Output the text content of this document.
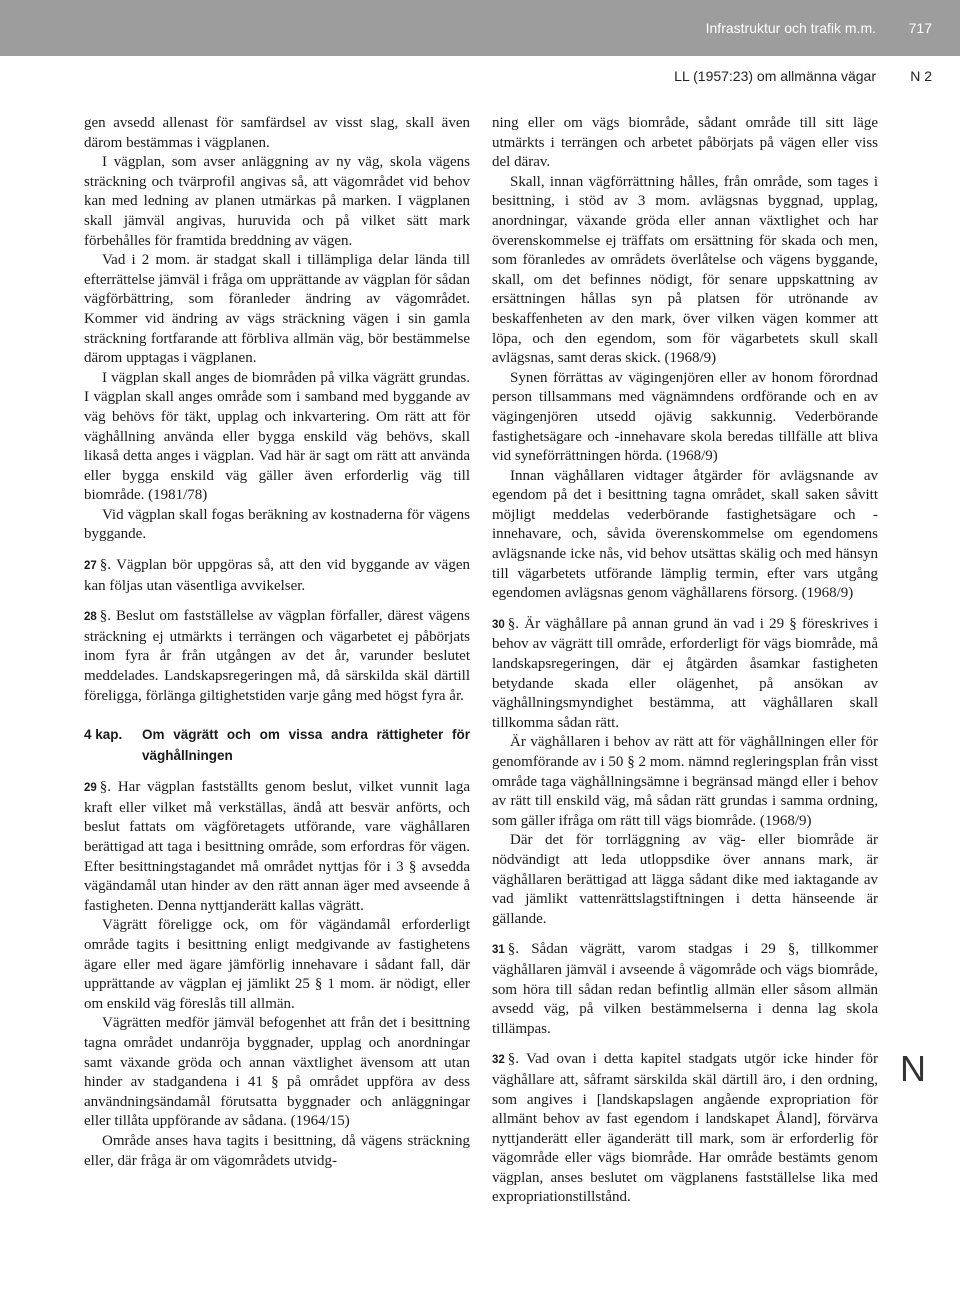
Infrastruktur och trafik m.m. 717
LL (1957:23) om allmänna vägar N 2

gen avsedd allenast för samfärdsel av visst slag, skall även därom bestämmas i vägplanen.

I vägplan, som avser anläggning av ny väg, skola vägens sträckning och tvärprofil angivas så, att vägområdet vid behov kan med ledning av planen utmärkas på marken. I vägplanen skall jämväl angivas, huruvida och på vilket sätt mark förbehålles för framtida breddning av vägen.

Vad i 2 mom. är stadgat skall i tillämpliga delar lända till efterrättelse jämväl i fråga om upprättande av vägplan för sådan vägförbättring, som föranleder ändring av vägområdet. Kommer vid ändring av vägs sträckning vägen i sin gamla sträckning fortfarande att förbliva allmän väg, bör bestämmelse därom upptagas i vägplanen.

I vägplan skall anges de biområden på vilka vägrätt grundas. I vägplan skall anges område som i samband med byggande av väg behövs för täkt, upplag och inkvartering. Om rätt att för väghållning använda eller bygga enskild väg behövs, skall likaså detta anges i vägplan. Vad här är sagt om rätt att använda eller bygga enskild väg gäller även erforderlig väg till biområde. (1981/78)

Vid vägplan skall fogas beräkning av kostnaderna för vägens byggande.

27 §. Vägplan bör uppgöras så, att den vid byggande av vägen kan följas utan väsentliga avvikelser.

28 §. Beslut om fastställelse av vägplan förfaller, därest vägens sträckning ej utmärkts i terrängen och vägarbetet ej påbörjats inom fyra år från utgången av det år, varunder beslutet meddelades. Landskapsregeringen må, då särskilda skäl därtill föreligga, förlänga giltighetstiden varje gång med högst fyra år.

4 kap.	Om vägrätt och om vissa andra rättigheter för väghållningen

29 §. Har vägplan fastställts genom beslut, vilket vunnit laga kraft eller vilket må verkställas, ändå att besvär anförts, och beslut fattats om vägföretagets utförande, vare väghållaren berättigad att taga i besittning område, som erfordras för vägen. Efter besittningstagandet må området nyttjas för i 3 § avsedda vägändamål utan hinder av den rätt annan äger med avseende å fastigheten. Denna nyttjanderätt kallas vägrätt.

Vägrätt föreligge ock, om för vägändamål erforderligt område tagits i besittning enligt medgivande av fastighetens ägare eller med ägare jämförlig innehavare i sådant fall, där upprättande av vägplan ej jämlikt 25 § 1 mom. är nödigt, eller om enskild väg föreslås till allmän.

Vägrätten medför jämväl befogenhet att från det i besittning tagna området undanröja byggnader, upplag och anordningar samt växande gröda och annan växtlighet ävensom att utan hinder av stadgandena i 41 § på området uppföra av dess användningsändamål förutsatta byggnader och anläggningar eller tillåta uppförande av sådana. (1964/15)

Område anses hava tagits i besittning, då vägens sträckning eller, där fråga är om vägområdets utvidg-

ning eller om vägs biområde, sådant område till sitt läge utmärkts i terrängen och arbetet påbörjats på vägen eller viss del därav.

Skall, innan vägförrättning hålles, från område, som tages i besittning, i stöd av 3 mom. avlägsnas byggnad, upplag, anordningar, växande gröda eller annan växtlighet och har överenskommelse ej träffats om ersättning för skada och men, som föranledes av områdets överlåtelse och vägens byggande, skall, om det befinnes nödigt, för senare uppskattning av ersättningen hållas syn på platsen för utrönande av beskaffenheten av den mark, över vilken vägen kommer att löpa, och den egendom, som för vägarbetets skull skall avlägsnas, samt deras skick. (1968/9)

Synen förrättas av vägingenjören eller av honom förordnad person tillsammans med vägnämndens ordförande och en av vägingenjören utsedd ojävig sakkunnig. Vederbörande fastighetsägare och -innehavare skola beredas tillfälle att bliva vid syneförrättningen hörda. (1968/9)

Innan väghållaren vidtager åtgärder för avlägsnande av egendom på det i besittning tagna området, skall saken såvitt möjligt meddelas vederbörande fastighetsägare och -innehavare, och, såvida överenskommelse om egendomens avlägsnande icke nås, vid behov utsättas skälig och med hänsyn till vägarbetets utförande lämplig termin, efter vars utgång egendomen avlägsnas genom väghållarens försorg. (1968/9)

30 §. Är väghållare på annan grund än vad i 29 § föreskrives i behov av vägrätt till område, erforderligt för vägs biområde, må landskapsregeringen, där ej åtgärden åsamkar fastigheten betydande skada eller olägenhet, på ansökan av väghållningsmyndighet bestämma, att väghållaren skall tillkomma sådan rätt.

Är väghållaren i behov av rätt att för väghållningen eller för genomförande av i 50 § 2 mom. nämnd regleringsplan från visst område taga väghållningsämne i begränsad mängd eller i behov av rätt till enskild väg, må sådan rätt grundas i samma ordning, som gäller ifråga om rätt till vägs biområde. (1968/9)

Där det för torrläggning av väg- eller biområde är nödvändigt att leda utloppsdike över annans mark, är väghållaren berättigad att lägga sådant dike med iaktagande av vad jämlikt vattenrättslagstiftningen i detta hänseende är gällande.

31 §. Sådan vägrätt, varom stadgas i 29 §, tillkommer väghållaren jämväl i avseende å vägområde och vägs biområde, som höra till sådan redan befintlig allmän eller såsom allmän avsedd väg, på vilken bestämmelserna i denna lag skola tillämpas.

32 §. Vad ovan i detta kapitel stadgats utgör icke hinder för väghållare att, såframt särskilda skäl därtill äro, i den ordning, som angives i [landskapslagen angående expropriation för allmänt behov av fast egendom i landskapet Åland], förvärva nyttjanderätt eller äganderätt till mark, som är erforderlig för vägområde eller vägs biområde. Har område bestämts genom vägplan, anses beslutet om vägplanens fastställelse lika med expropriationstillstånd.

N
